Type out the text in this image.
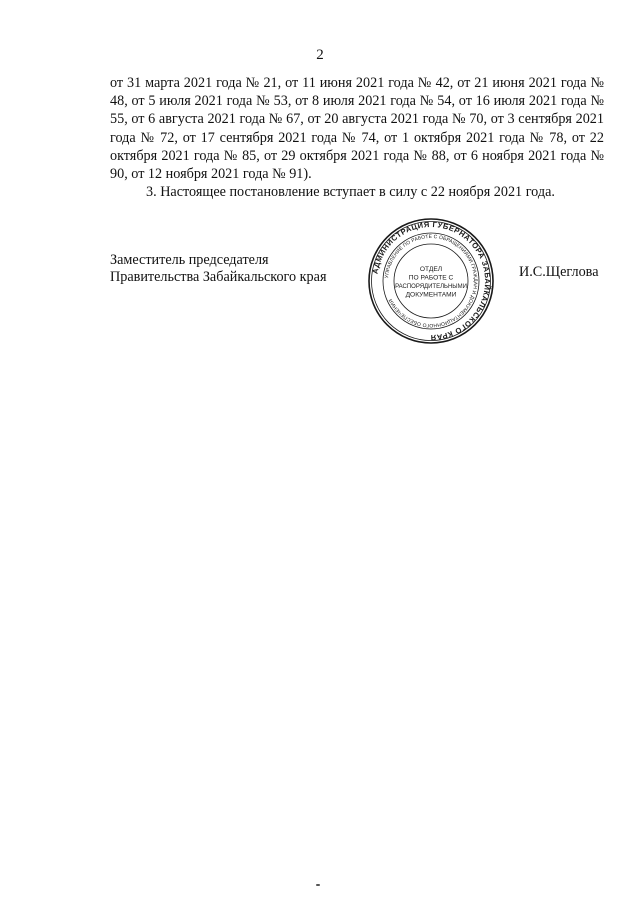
2

от 31 марта 2021 года № 21, от 11 июня 2021 года № 42, от 21 июня 2021 года № 48, от 5 июля 2021 года № 53, от 8 июля 2021 года № 54, от 16 июля 2021 года № 55, от 6 августа 2021 года № 67, от 20 августа 2021 года № 70, от 3 сентября 2021 года № 72, от 17 сентября 2021 года № 74, от 1 октября 2021 года № 78, от 22 октября 2021 года № 85, от 29 октября 2021 года № 88, от 6 ноября 2021 года № 90, от 12 ноября 2021 года № 91).

3. Настоящее постановление вступает в силу с 22 ноября 2021 года.

Заместитель председателя
Правительства Забайкальского края	АДМИНИСТРАЦИЯ ГУБЕРНАТОРА ЗАБАЙКАЛЬСКОГО КРАЯ
УПРАВЛЕНИЕ ПО РАБОТЕ С ОБРАЩЕНИЯМИ ГРАЖДАН И ДОКУМЕНТАЦИОННОГО ОБЕСПЕЧЕНИЯ
ОТДЕЛ
ПО РАБОТЕ С
РАСПОРЯДИТЕЛЬНЫМИ
ДОКУМЕНТАМИ
И.С.Щеглова
